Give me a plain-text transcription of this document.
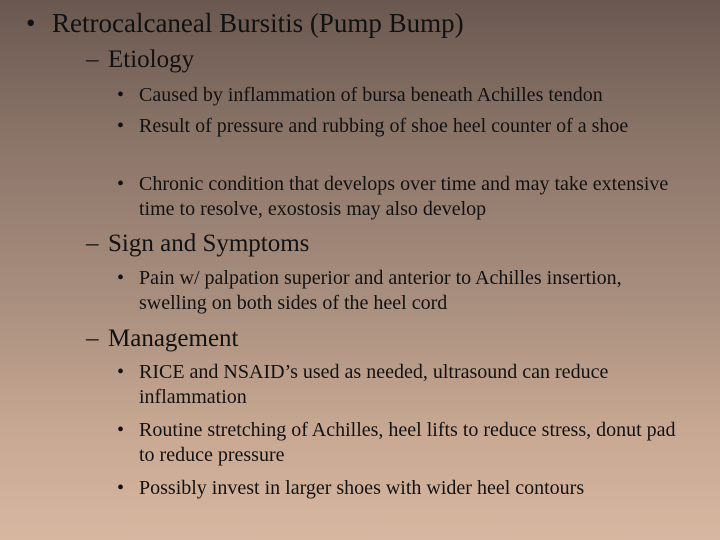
• Retrocalcaneal Bursitis (Pump Bump)
– Etiology
• Caused by inflammation of bursa beneath Achilles tendon
• Result of pressure and rubbing of shoe heel counter of a shoe
• Chronic condition that develops over time and may take extensive time to resolve, exostosis may also develop
– Sign and Symptoms
• Pain w/ palpation superior and anterior to Achilles insertion, swelling on both sides of the heel cord
– Management
• RICE and NSAID’s used as needed, ultrasound can reduce inflammation
• Routine stretching of Achilles, heel lifts to reduce stress, donut pad to reduce pressure
• Possibly invest in larger shoes with wider heel contours
